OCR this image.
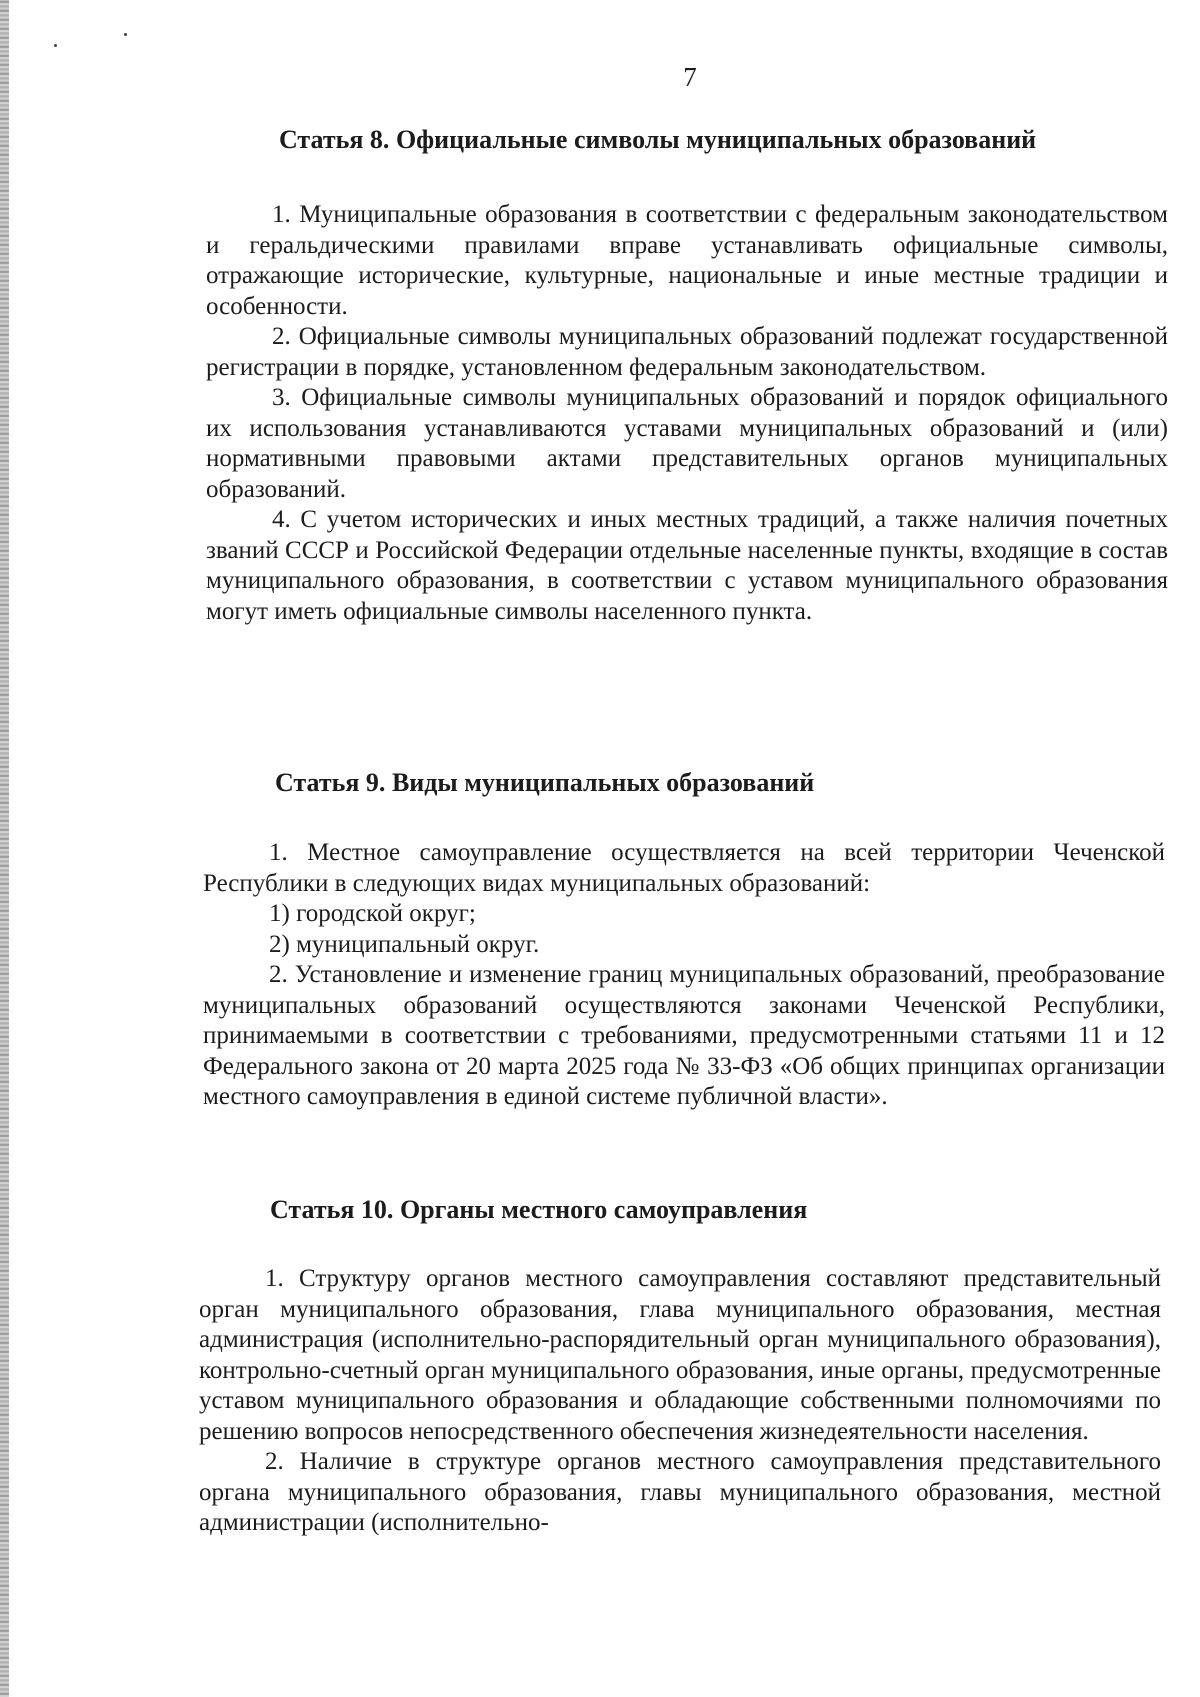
7
Статья 8. Официальные символы муниципальных образований

1. Муниципальные образования в соответствии с федеральным законодательством и геральдическими правилами вправе устанавливать официальные символы, отражающие исторические, культурные, национальные и иные местные традиции и особенности.

2. Официальные символы муниципальных образований подлежат государственной регистрации в порядке, установленном федеральным законодательством.

3. Официальные символы муниципальных образований и порядок официального их использования устанавливаются уставами муниципальных образований и (или) нормативными правовыми актами представительных органов муниципальных образований.

4. С учетом исторических и иных местных традиций, а также наличия почетных званий СССР и Российской Федерации отдельные населенные пункты, входящие в состав муниципального образования, в соответствии с уставом муниципального образования могут иметь официальные символы населенного пункта.

Статья 9. Виды муниципальных образований

1. Местное самоуправление осуществляется на всей территории Чеченской Республики в следующих видах муниципальных образований:

1) городской округ;

2) муниципальный округ.

2. Установление и изменение границ муниципальных образований, преобразование муниципальных образований осуществляются законами Чеченской Республики, принимаемыми в соответствии с требованиями, предусмотренными статьями 11 и 12 Федерального закона от 20 марта 2025 года № 33-ФЗ «Об общих принципах организации местного самоуправления в единой системе публичной власти».

Статья 10. Органы местного самоуправления

1. Структуру органов местного самоуправления составляют представительный орган муниципального образования, глава муниципального образования, местная администрация (исполнительно-распорядительный орган муниципального образования), контрольно-счетный орган муниципального образования, иные органы, предусмотренные уставом муниципального образования и обладающие собственными полномочиями по решению вопросов непосредственного обеспечения жизнедеятельности населения.

2. Наличие в структуре органов местного самоуправления представительного органа муниципального образования, главы муниципального образования, местной администрации (исполнительно-
